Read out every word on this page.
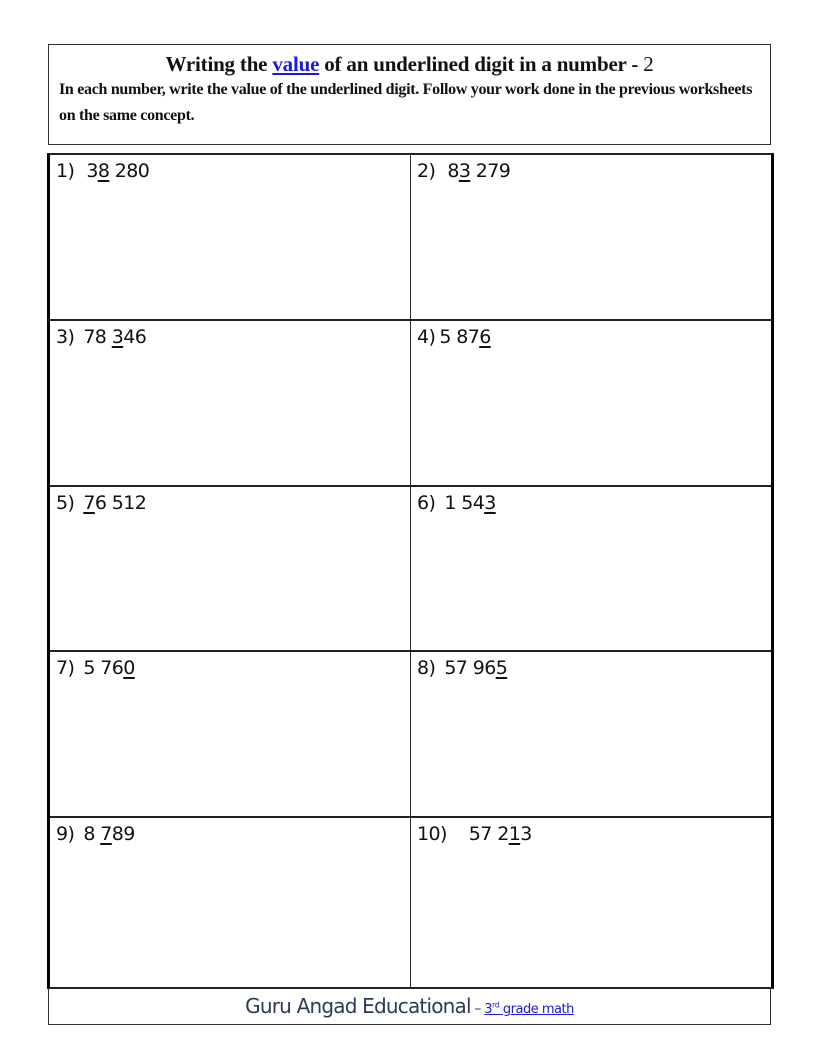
Writing the value of an underlined digit in a number - 2
In each number, write the value of the underlined digit. Follow your work done in the previous worksheets on the same concept.
1) 38 280	2) 83 279
3) 78 346	4) 5 876
5) 76 512	6) 1 543
7) 5 760	8) 57 965
9) 8 789	10) 57 213
Guru Angad Educational – 3rd grade math
